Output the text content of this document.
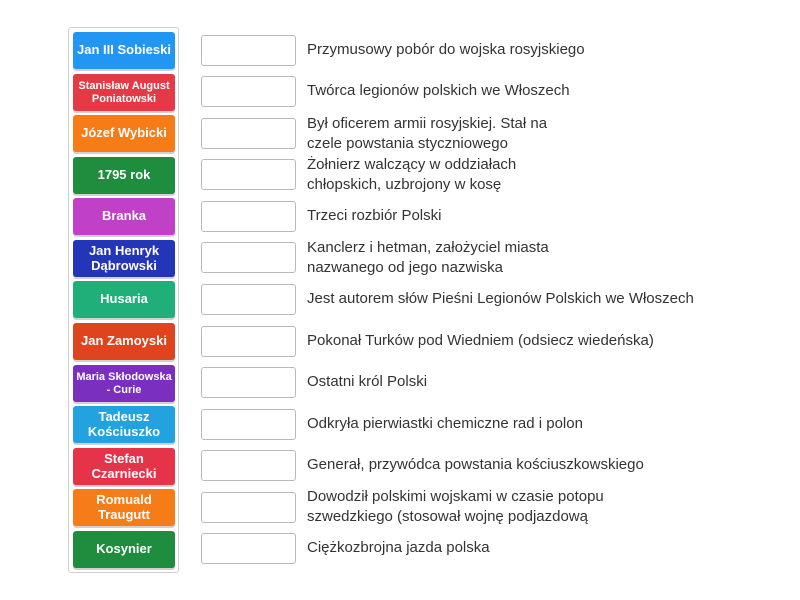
Jan III Sobieski
Stanisław August Poniatowski
Józef Wybicki
1795 rok
Branka
Jan Henryk Dąbrowski
Husaria
Jan Zamoyski
Maria Skłodowska - Curie
Tadeusz Kościuszko
Stefan Czarniecki
Romuald Traugutt
Kosynier
Przymusowy pobór do wojska rosyjskiego
Twórca legionów polskich we Włoszech
Był oficerem armii rosyjskiej. Stał na czele powstania styczniowego
Żołnierz walczący w oddziałach chłopskich, uzbrojony w kosę
Trzeci rozbiór Polski
Kanclerz i hetman, założyciel miasta nazwanego od jego nazwiska
Jest autorem słów Pieśni Legionów Polskich we Włoszech
Pokonał Turków pod Wiedniem (odsiecz wiedeńska)
Ostatni król Polski
Odkryła pierwiastki chemiczne rad i polon
Generał, przywódca powstania kościuszkowskiego
Dowodził polskimi wojskami w czasie potopu szwedzkiego (stosował wojnę podjazdową
Ciężkozbrojna jazda polska
